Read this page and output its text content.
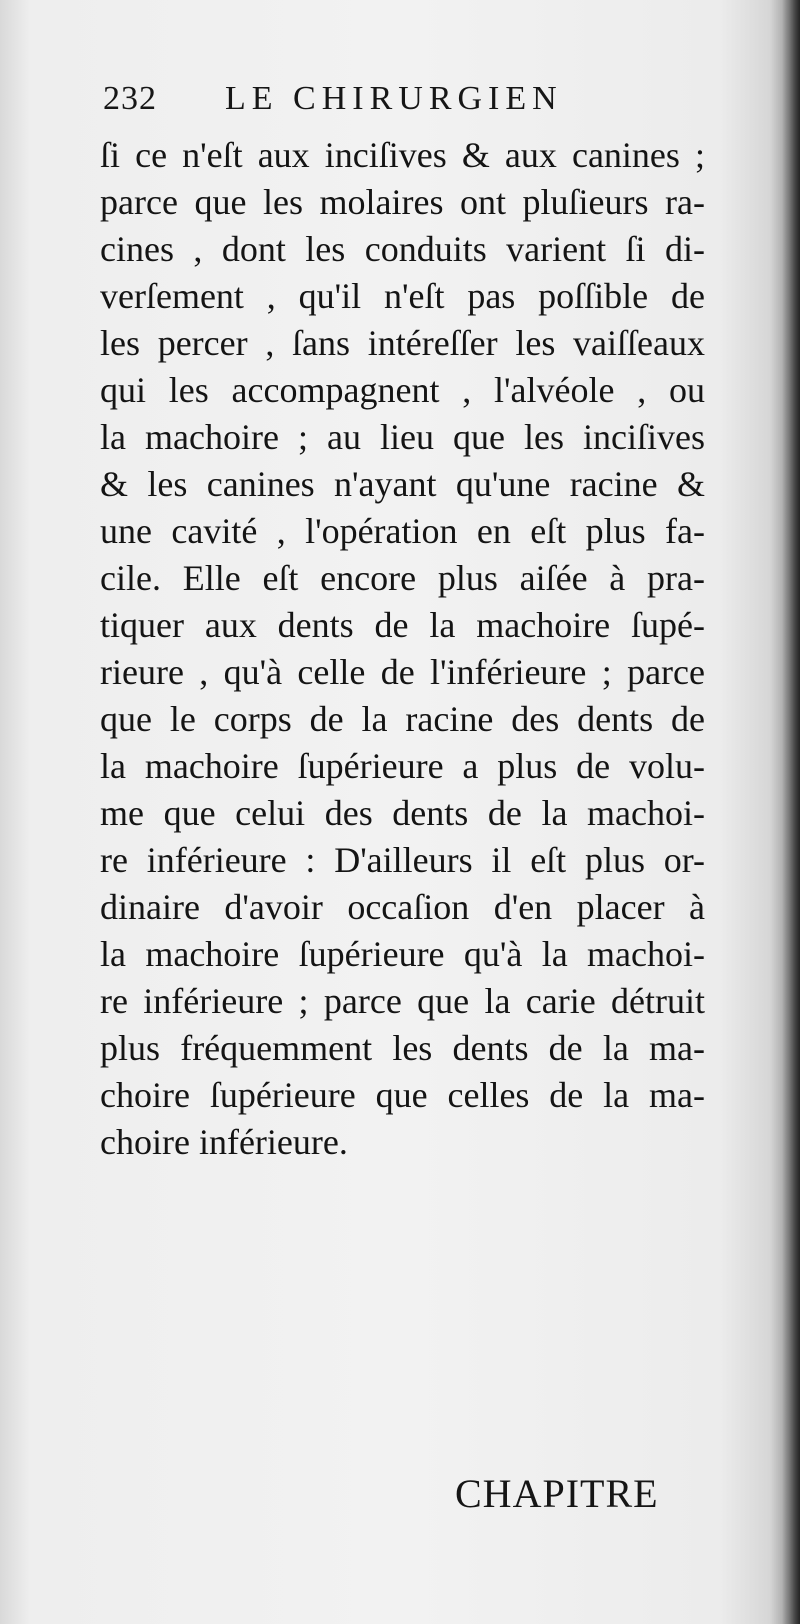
232 LE CHIRURGIEN
ſi ce n'eſt aux inciſives & aux canines ;
parce que les molaires ont pluſieurs ra-
cines , dont les conduits varient ſi di-
verſement , qu'il n'eſt pas poſſible de
les percer , ſans intéreſſer les vaiſſeaux
qui les accompagnent , l'alvéole , ou
la machoire ; au lieu que les inciſives
& les canines n'ayant qu'une racine &
une cavité , l'opération en eſt plus fa-
cile. Elle eſt encore plus aiſée à pra-
tiquer aux dents de la machoire ſupé-
rieure , qu'à celle de l'inférieure ; parce
que le corps de la racine des dents de
la machoire ſupérieure a plus de volu-
me que celui des dents de la machoi-
re inférieure : D'ailleurs il eſt plus or-
dinaire d'avoir occaſion d'en placer à
la machoire ſupérieure qu'à la machoi-
re inférieure ; parce que la carie détruit
plus fréquemment les dents de la ma-
choire ſupérieure que celles de la ma-
choire inférieure.
CHAPITRE
